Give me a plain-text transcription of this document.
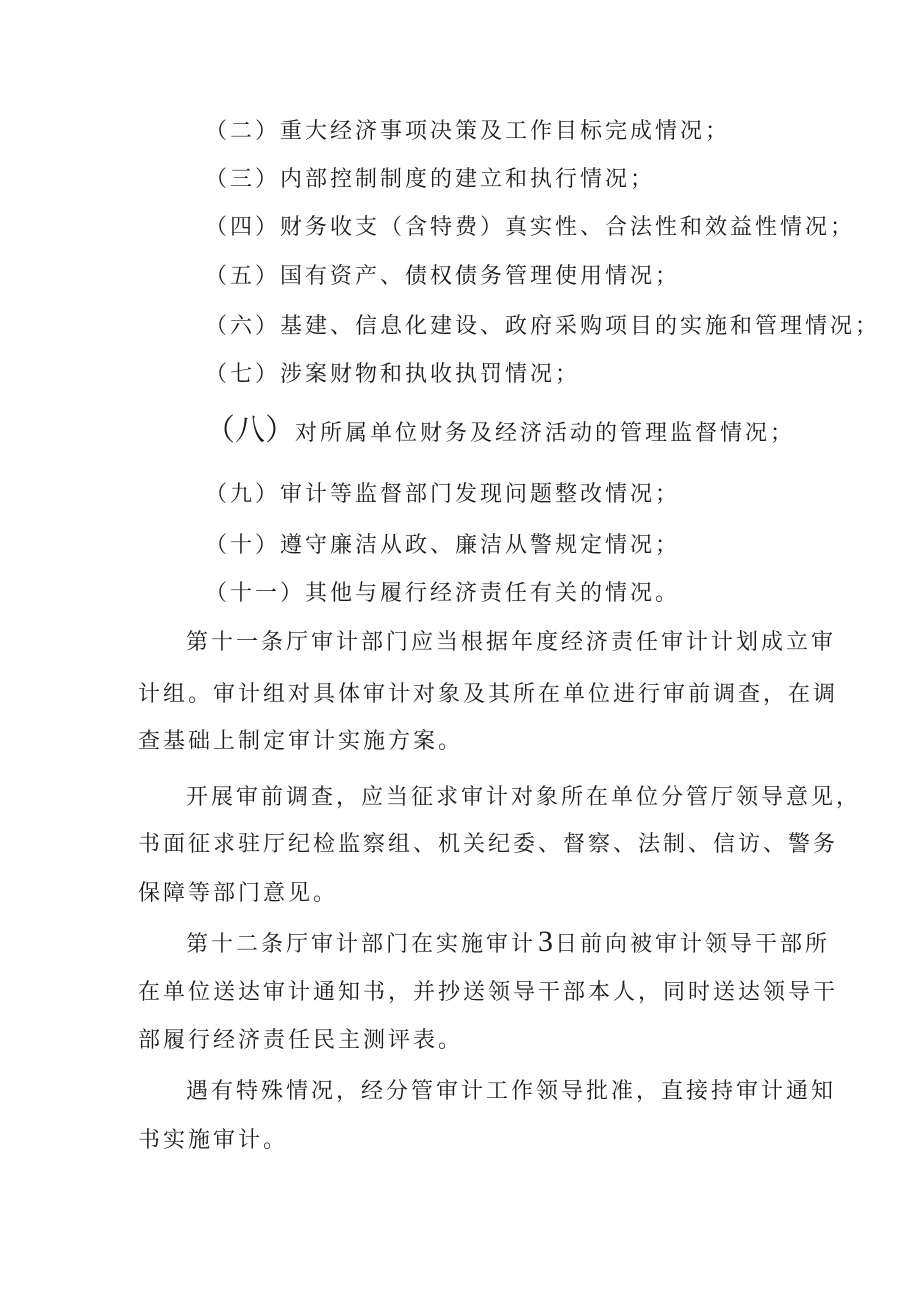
（二）重大经济事项决策及工作目标完成情况；
（三）内部控制制度的建立和执行情况；
（四）财务收支（含特费）真实性、合法性和效益性情况；
（五）国有资产、债权债务管理使用情况；
（六）基建、信息化建设、政府采购项目的实施和管理情况；
（七）涉案财物和执收执罚情况；
（八）对所属单位财务及经济活动的管理监督情况；
（九）审计等监督部门发现问题整改情况；
（十）遵守廉洁从政、廉洁从警规定情况；
（十一）其他与履行经济责任有关的情况。
第十一条厅审计部门应当根据年度经济责任审计计划成立审
计组。审计组对具体审计对象及其所在单位进行审前调查，在调
查基础上制定审计实施方案。
开展审前调查，应当征求审计对象所在单位分管厅领导意见，
书面征求驻厅纪检监察组、机关纪委、督察、法制、信访、警务
保障等部门意见。
第十二条厅审计部门在实施审计3日前向被审计领导干部所
在单位送达审计通知书，并抄送领导干部本人，同时送达领导干
部履行经济责任民主测评表。
遇有特殊情况，经分管审计工作领导批准，直接持审计通知
书实施审计。
